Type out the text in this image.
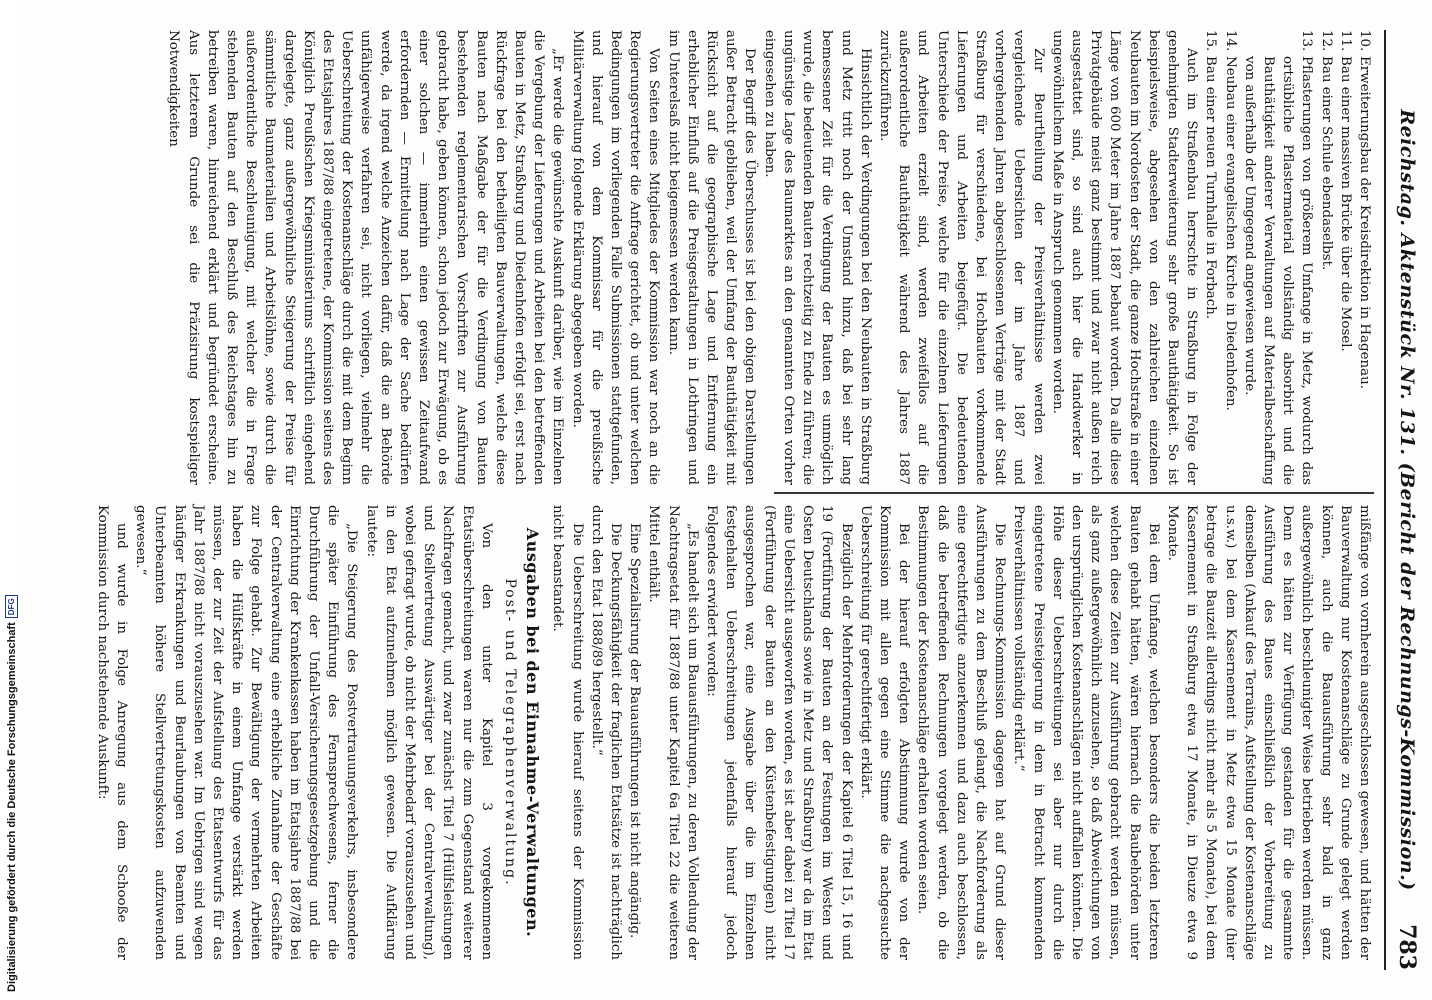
Reichstag. Aktenstück Nr. 131. (Bericht der Rechnungs-Kommission.)
783
10.
Erweiterungsbau der Kreisdirektion in Hagenau.
11.
Bau einer massiven Brücke über die Mosel.
12.
Bau einer Schule ebendaselbst.
13.
Pflasterungen von größerem Umfange in Metz, wodurch das ortsübliche Pflastermaterial vollständig absorbirt und die Bauthätigkeit anderer Verwaltungen auf Materialbeschaffung von außerhalb der Umgegend angewiesen wurde.
14.
Neubau einer evangelischen Kirche in Diedenhofen.
15.
Bau einer neuen Turnhalle in Forbach.

Auch im Straßenbau herrschte in Straßburg in Folge der genehmigten Stadterweiterung sehr große Bauthätigkeit. So ist beispielsweise, abgesehen von den zahlreichen einzelnen Neubauten im Nordosten der Stadt, die ganze Hochstraße in einer Länge von 600 Meter im Jahre 1887 bebaut worden. Da alle diese Privatgebäude meist ganz bestimmt und zwar nicht außen reich ausgestattet sind, so sind auch hier die Handwerker in ungewöhnlichem Maße in Anspruch genommen worden.

Zur Beurtheilung der Preisverhältnisse werden zwei vergleichende Uebersichten der im Jahre 1887 und vorhergehenden Jahren abgeschlossenen Verträge mit der Stadt Straßburg für verschiedene, bei Hochbauten vorkommende Lieferungen und Arbeiten beigefügt. Die bedeutenden Unterschiede der Preise, welche für die einzelnen Lieferungen und Arbeiten erzielt sind, werden zweifellos auf die außerordentliche Bauthätigkeit während des Jahres 1887 zurückzuführen.

Hinsichtlich der Verdingungen bei den Neubauten in Straßburg und Metz tritt noch der Umstand hinzu, daß bei sehr lang bemessener Zeit für die Verdingung der Bauten es unmöglich wurde, die bedeutenden Bauten rechtzeitig zu Ende zu führen; die ungünstige Lage des Baumarktes an den genannten Orten vorher eingesehen zu haben.

Der Begriff des Überschusses ist bei den obigen Darstellungen außer Betracht geblieben, weil der Umfang der Bauthätigkeit mit Rücksicht auf die geographische Lage und Entfernung ein erheblicher Einfluß auf die Preisgestaltungen in Lothringen und im Unterelsaß nicht beigemessen werden kann.

Von Seiten eines Mitgliedes der Kommission war noch an die Regierungsvertreter die Anfrage gerichtet, ob und unter welchen Bedingungen im vorliegenden Falle Submissionen stattgefunden, und hierauf von dem Kommissar für die preußische Militärverwaltung folgende Erklärung abgegeben worden.

„Er werde die gewünschte Auskunft darüber, wie im Einzelnen die Vergebung der Lieferungen und Arbeiten bei den betreffenden Bauten in Metz, Straßburg und Diedenhofen erfolgt sei, erst nach Rückfrage bei den betheiligten Bauverwaltungen, welche diese Bauten nach Maßgabe der für die Verdingung von Bauten bestehenden reglementarischen Vorschriften zur Ausführung gebracht habe, geben können, schon jedoch zur Erwägung, ob es einer solchen — immerhin einen gewissen Zeitaufwand erfordernden — Ermittelung nach Lage der Sache bedürfen werde, da irgend welche Anzeichen dafür, daß die an Behörde unfähigerweise verfahren sei, nicht vorliegen, vielmehr die Ueberschreitung der Kostenanschläge durch die mit dem Beginn des Etatsjahres 1887/88 eingetretene, der Kommission seitens des Königlich Preußischen Kriegsministeriums schriftlich eingehend dargelegte, ganz außergewöhnliche Steigerung der Preise für sämmtliche Baumaterialien und Arbeitslöhne, sowie durch die außerordentliche Beschleunigung, mit welcher die in Frage stehenden Bauten auf den Beschluß des Reichstages hin zu betreiben waren, hinreichend erklärt und begründet erscheine. Aus letzterem Grunde sei die Präzisirung kostspieliger Notwendigkeiten

mißfänge von vornherein ausgeschlossen gewesen, und hätten der Bauverwaltung nur Kostenanschläge zu Grunde gelegt werden können, auch die Bauausführung sehr bald in ganz außergewöhnlich beschleunigter Weise betrieben werden müssen. Denn es hätten zur Verfügung gestanden für die gesammte Ausführung des Baues einschließlich der Vorbereitung zu demselben (Ankauf des Terrains, Aufstellung der Kostenanschläge u.s.w.) bei dem Kasernement in Metz etwa 15 Monate (hier betrage die Bauzeit allerdings nicht mehr als 5 Monate), bei dem Kasernement in Straßburg etwa 17 Monate, in Dieuze etwa 9 Monate.

Bei dem Umfange, welchen besonders die beiden letzteren Bauten gehabt hätten, wären hiernach die Baubehörden unter welchen diese Zeiten zur Ausführung gebracht werden müssen, als ganz außergewöhnlich anzusehen, so daß Abweichungen von den ursprünglichen Kostenanschlägen nicht auffallen könnten. Die Höhe dieser Ueberschreitungen sei aber nur durch die eingetretene Preissteigerung in dem in Betracht kommenden Preisverhältnissen vollständig erklärt.“

Die Rechnungs-Kommission dagegen hat auf Grund dieser Ausführungen zu dem Beschluß gelangt, die Nachforderung als eine gerechtfertigte anzuerkennen und dazu auch beschlossen, daß die betreffenden Rechnungen vorgelegt werden, ob die Bestimmungen der Kostenanschläge erhalten worden seien.

Bei der hierauf erfolgten Abstimmung wurde von der Kommission mit allen gegen eine Stimme die nachgesuchte Ueberschreitung für gerechtfertigt erklärt.

Bezüglich der Mehrforderungen der Kapitel 6 Titel 15, 16 und 19 (Fortführung der Bauten an der Festungen im Westen und Osten Deutschlands sowie in Metz und Straßburg) war da im Etat eine Uebersicht ausgeworfen worden, es ist aber dabei zu Titel 17 (Fortführung der Bauten an den Küstenbefestigungen) nicht ausgesprochen war, eine Ausgabe über die im Einzelnen festgehalten Ueberschreitungen jedenfalls hierauf jedoch Folgendes erwidert worden:

„Es handelt sich um Bauausführungen, zu deren Vollendung der Nachtragsetat für 1887/88 unter Kapitel 6a Titel 22 die weiteren Mittel enthält.

Eine Spezialisirung der Bauausführungen ist nicht angängig.

Die Deckungsfähigkeit der fraglichen Etatsätze ist nachträglich durch den Etat 1888/89 hergestellt.“

Die Ueberschreitung wurde hierauf seitens der Kommission nicht beanstandet.

Ausgaben bei den Einnahme-Verwaltungen.
Post- und Telegraphenverwaltung.

Von den unter Kapitel 3 vorgekommenen Etatsüberschreitungen waren nur die zum Gegenstand weiterer Nachfragen gemacht, und zwar zunächst Titel 7 (Hülfsleistungen und Stellvertretung Auswärtiger bei der Centralverwaltung), wobei gefragt wurde, ob nicht der Mehrbedarf vorauszusehen und in den Etat aufzunehmen möglich gewesen. Die Aufklärung lautete:

„Die Steigerung des Postvertrauungsverkehrs, insbesondere die später Einführung des Fernsprechwesens, ferner die Durchführung der Unfall-Versicherungsgesetzgebung und die Einrichtung der Krankenkassen haben im Etatsjahre 1887/88 bei der Centralverwaltung eine erhebliche Zunahme der Geschäfte zur Folge gehabt. Zur Bewältigung der vermehrten Arbeiten haben die Hülfskräfte in einem Umfange verstärkt werden müssen, der zur Zeit der Aufstellung des Etatsentwurfs für das Jahr 1887/88 nicht vorauszusehen war. Im Uebrigen sind wegen häufiger Erkrankungen und Beurlaubungen von Beamten und Unterbeamten höhere Stellvertretungskosten aufzuwenden gewesen.“

und wurde in Folge Anregung aus dem Schooße der Kommission durch nachstehende Auskunft:

Digitalisierung gefördert durch die Deutsche Forschungsgemeinschaft
DFG
